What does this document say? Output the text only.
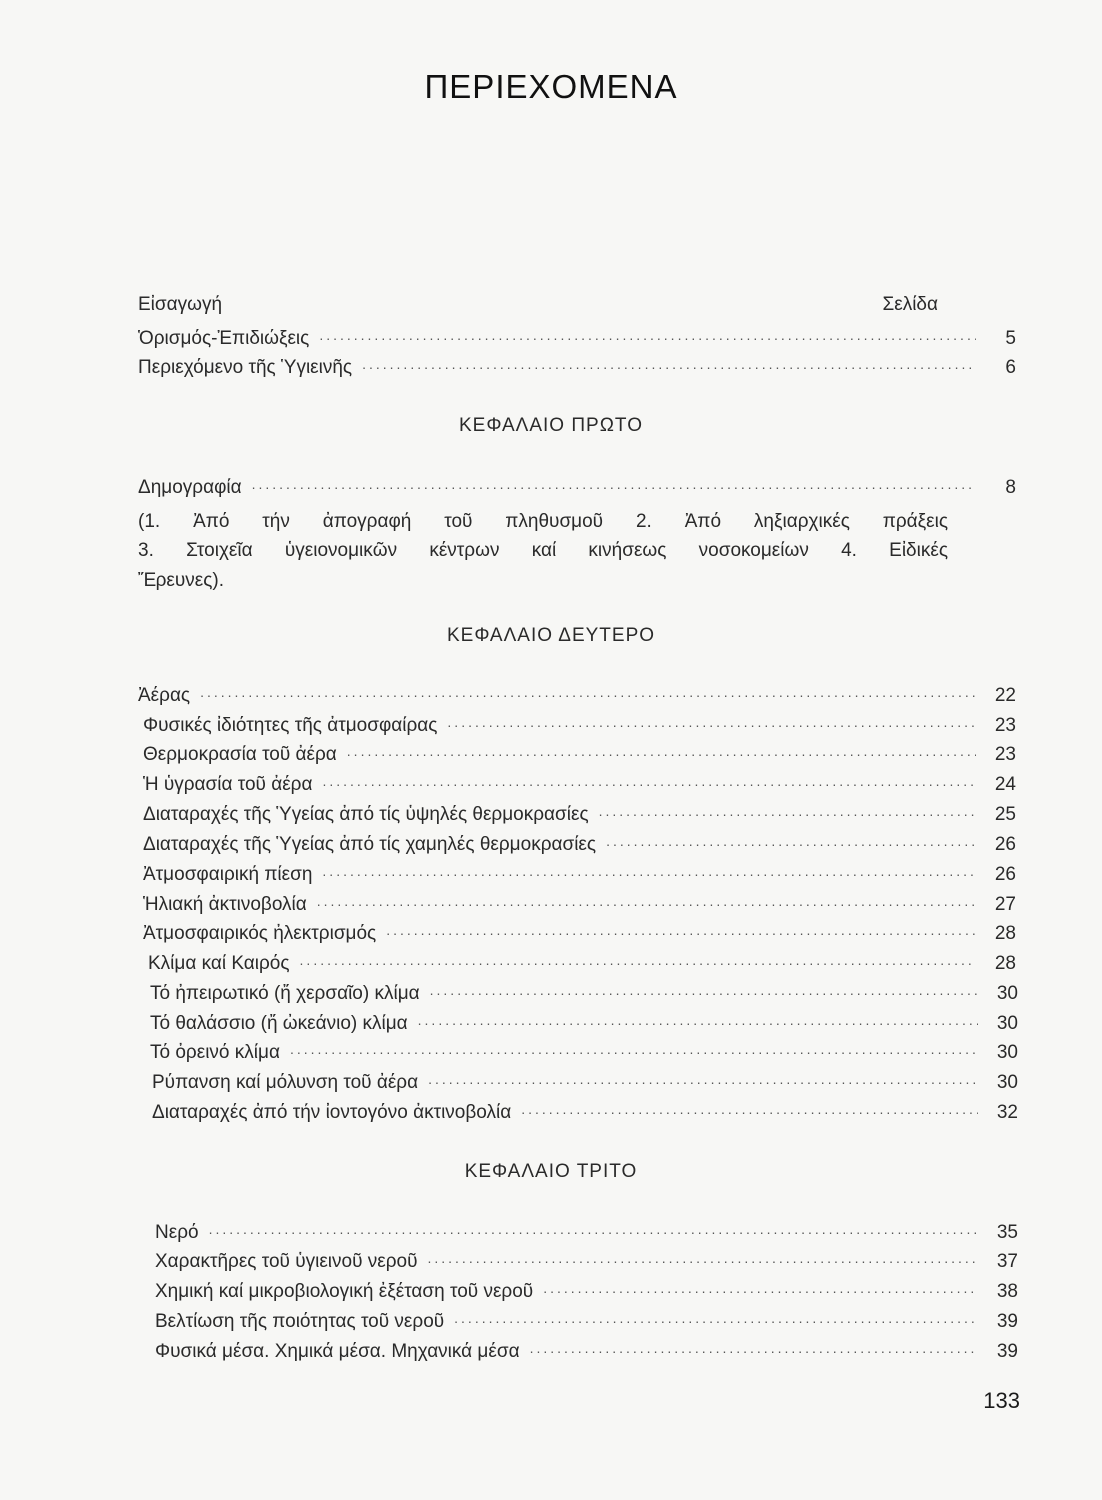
ΠΕΡΙΕΧΟΜΕΝΑ
Εἰσαγωγή	Σελίδα
Ὁρισμός-Ἐπιδιώξεις .....	5
Περιεχόμενο τῆς Ὑγιεινῆς .....	6
ΚΕΦΑΛΑΙΟ ΠΡΩΤΟ
Δημογραφία .....	8
(1. Ἀπό τήν ἀπογραφή τοῦ πληθυσμοῦ 2. Ἀπό ληξιαρχικές πράξεις
3. Στοιχεῖα ὑγειονομικῶν κέντρων καί κινήσεως νοσοκομείων 4. Εἰδικές
Ἔρευνες).
ΚΕΦΑΛΑΙΟ ΔΕΥΤΕΡΟ
Ἀέρας .....	22
Φυσικές ἰδιότητες τῆς ἀτμοσφαίρας .....	23
Θερμοκρασία τοῦ ἀέρα .....	23
Ἡ ὑγρασία τοῦ ἀέρα .....	24
Διαταραχές τῆς Ὑγείας ἀπό τίς ὑψηλές θερμοκρασίες .....	25
Διαταραχές τῆς Ὑγείας ἀπό τίς χαμηλές θερμοκρασίες .....	26
Ἀτμοσφαιρική πίεση .....	26
Ἡλιακή ἀκτινοβολία .....	27
Ἀτμοσφαιρικός ἠλεκτρισμός .....	28
Κλίμα καί Καιρός .....	28
Τό ἠπειρωτικό (ἤ χερσαῖο) κλίμα .....	30
Τό θαλάσσιο (ἤ ὠκεάνιο) κλίμα .....	30
Τό ὀρεινό κλίμα .....	30
Ρύπανση καί μόλυνση τοῦ ἀέρα .....	30
Διαταραχές ἀπό τήν ἰοντογόνο ἀκτινοβολία .....	32
ΚΕΦΑΛΑΙΟ ΤΡΙΤΟ
Νερό .....	35
Χαρακτῆρες τοῦ ὑγιεινοῦ νεροῦ .....	37
Χημική καί μικροβιολογική ἐξέταση τοῦ νεροῦ .....	38
Βελτίωση τῆς ποιότητας τοῦ νεροῦ .....	39
Φυσικά μέσα. Χημικά μέσα. Μηχανικά μέσα .....	39
133
